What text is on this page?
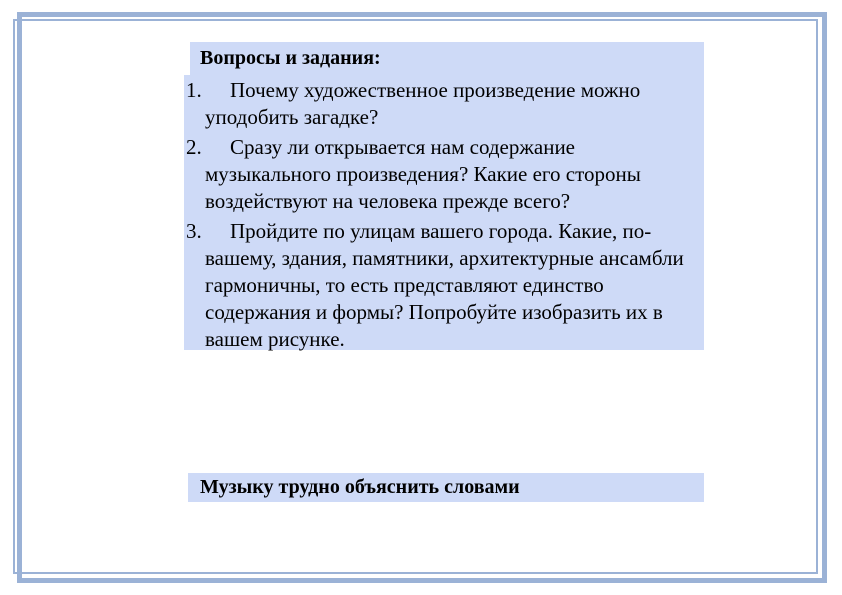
Вопросы и задания:
1. Почему художественное произведение можно уподобить загадке?
2. Сразу ли открывается нам содержание музыкального произведения? Какие его стороны воздействуют на человека прежде всего?
3. Пройдите по улицам вашего города. Какие, по-вашему, здания, памятники, архитектурные ансамбли гармоничны, то есть представляют единство содержания и формы? Попробуйте изобразить их в вашем рисунке.
Музыку трудно объяснить словами
